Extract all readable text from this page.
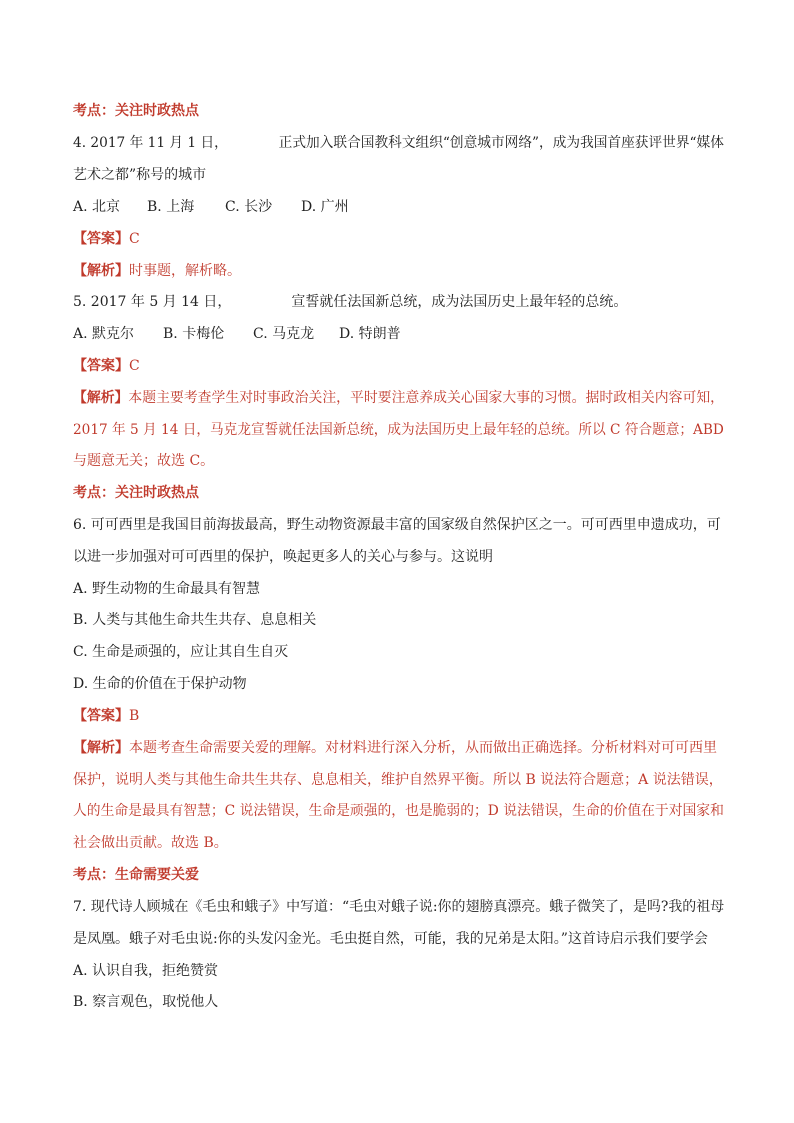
考点：关注时政热点
4. 2017 年 11 月 1 日，	正式加入联合国教科文组织“创意城市网络”，成为我国首座获评世界“媒体
艺术之都”称号的城市
A. 北京 B. 上海 C. 长沙 D. 广州
【答案】C
【解析】时事题，解析略。
5. 2017 年 5 月 14 日，	宣誓就任法国新总统，成为法国历史上最年轻的总统。
A. 默克尔 B. 卡梅伦 C. 马克龙 D. 特朗普
【答案】C
【解析】本题主要考查学生对时事政治关注，平时要注意养成关心国家大事的习惯。据时政相关内容可知，
2017 年 5 月 14 日，马克龙宣誓就任法国新总统，成为法国历史上最年轻的总统。所以 C 符合题意；ABD
与题意无关；故选 C。
考点：关注时政热点
6. 可可西里是我国目前海拔最高，野生动物资源最丰富的国家级自然保护区之一。可可西里申遗成功，可
以进一步加强对可可西里的保护，唤起更多人的关心与参与。这说明
A. 野生动物的生命最具有智慧
B. 人类与其他生命共生共存、息息相关
C. 生命是顽强的，应让其自生自灭
D. 生命的价值在于保护动物
【答案】B
【解析】本题考查生命需要关爱的理解。对材料进行深入分析，从而做出正确选择。分析材料对可可西里
保护，说明人类与其他生命共生共存、息息相关，维护自然界平衡。所以 B 说法符合题意；A 说法错误，
人的生命是最具有智慧；C 说法错误，生命是顽强的，也是脆弱的；D 说法错误，生命的价值在于对国家和
社会做出贡献。故选 B。
考点：生命需要关爱
7. 现代诗人顾城在《毛虫和蛾子》中写道：“毛虫对蛾子说:你的翅膀真漂亮。蛾子微笑了，是吗?我的祖母
是凤凰。蛾子对毛虫说:你的头发闪金光。毛虫挺自然，可能，我的兄弟是太阳。”这首诗启示我们要学会
A. 认识自我，拒绝赞赏
B. 察言观色，取悦他人
